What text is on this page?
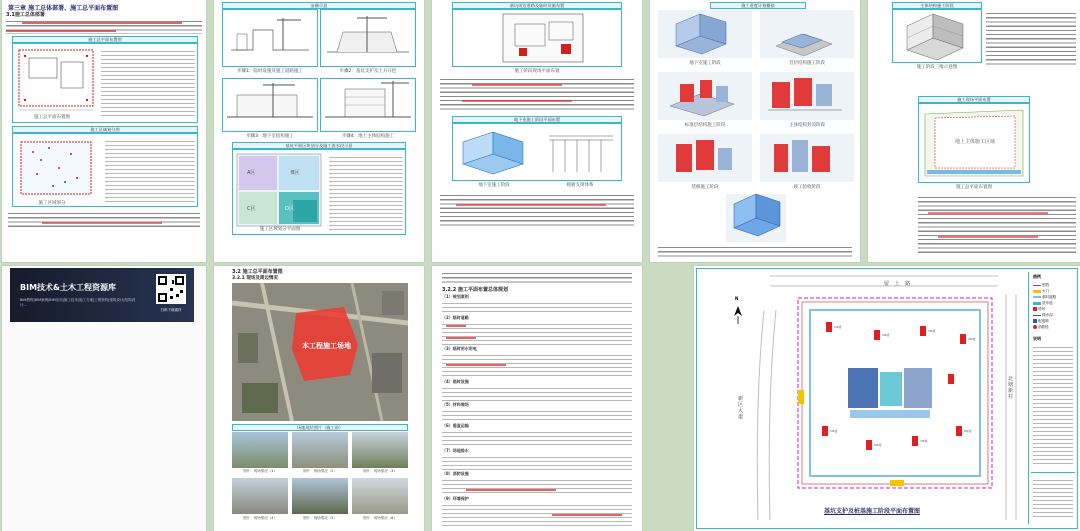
第三章 施工总体部署、施工总平面布置图
3.1施工总体部署
施工总平面布置图
施工总平面布置图
施工区域划分图
施工区域划分
步骤示意
步骤1：临时设施及施工道路施工	步骤2：基坑支护及土方开挖
步骤3：地下室结构施工	步骤4：地上主体结构施工
基坑平面区块划分及施工流水段示意
A区	B区
C区	D区
施工区域划分平面图
基坑周边道路及临时设施布置
施工阶段现场平面布置
地下室施工阶段平面布置
地下室施工阶段	模板支撑体系
施工进度计划模拟
地下室施工阶段	首层结构施工阶段
标准层结构施工阶段	主体结构封顶阶段
装修施工阶段	竣工验收阶段
主体结构施工阶段
施工阶段三维示意图
施工现场平面布置
地上主体施工区域
施工总平面布置图
BIM技术&土木工程资源库
BIM教程|BIM案例|BIM应用|施工技术|施工方案|工程资料|建筑设计|结构设计...
扫码下载素材
3.2 施工总平面布置图
3.2.1 现场及周边情况
本工程施工场地
场地现状照片（施工前）
图片：现场情况（1）	图片：现场情况（2）	图片：现场情况（3）
图片：现场情况（4）	图片：现场情况（5）	图片：现场情况（6）
3.2.2 施工平面布置总体规划
（1）规划原则
（2）临时道路
（3）临时用水用电
（4）临时设施
（5）材料堆场
（6）垂直运输
（7）场地排水
（8）消防设施
（9）环境保护
1#楼
2#楼
3#楼
4#楼
5#楼
6#楼
7#楼
8#楼
留 上 路
新 区 大 道
北 塘 新 村
N
基坑支护及桩基施工阶段平面布置图
图例
围挡
大门
临时道路
洗车池
塔吊
排水沟
配电箱
消防栓
说明
